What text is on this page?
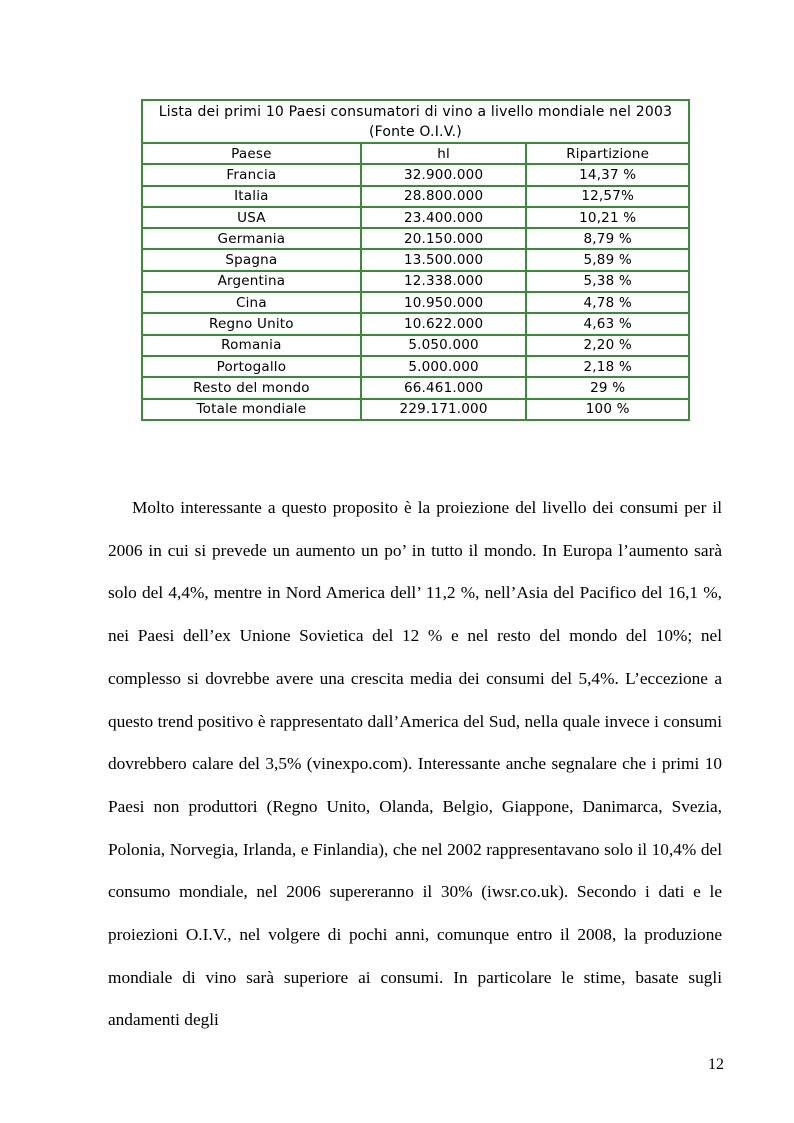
Lista dei primi 10 Paesi consumatori di vino a livello mondiale nel 2003
(Fonte O.I.V.)		
Paese	hl	Ripartizione
Francia	32.900.000	14,37 %
Italia	28.800.000	12,57%
USA	23.400.000	10,21 %
Germania	20.150.000	8,79 %
Spagna	13.500.000	5,89 %
Argentina	12.338.000	5,38 %
Cina	10.950.000	4,78 %
Regno Unito	10.622.000	4,63 %
Romania	5.050.000	2,20 %
Portogallo	5.000.000	2,18 %
Resto del mondo	66.461.000	29 %
Totale mondiale	229.171.000	100 %

Molto interessante a questo proposito è la proiezione del livello dei consumi per il 2006 in cui si prevede un aumento un po’ in tutto il mondo. In Europa l’aumento sarà solo del 4,4%, mentre in Nord America dell’ 11,2 %, nell’Asia del Pacifico del 16,1 %, nei Paesi dell’ex Unione Sovietica del 12 % e nel resto del mondo del 10%; nel complesso si dovrebbe avere una crescita media dei consumi del 5,4%. L’eccezione a questo trend positivo è rappresentato dall’America del Sud, nella quale invece i consumi dovrebbero calare del 3,5% (vinexpo.com). Interessante anche segnalare che i primi 10 Paesi non produttori (Regno Unito, Olanda, Belgio, Giappone, Danimarca, Svezia, Polonia, Norvegia, Irlanda, e Finlandia), che nel 2002 rappresentavano solo il 10,4% del consumo mondiale, nel 2006 supereranno il 30% (iwsr.co.uk). Secondo i dati e le proiezioni O.I.V., nel volgere di pochi anni, comunque entro il 2008, la produzione mondiale di vino sarà superiore ai consumi. In particolare le stime, basate sugli andamenti degli

12
